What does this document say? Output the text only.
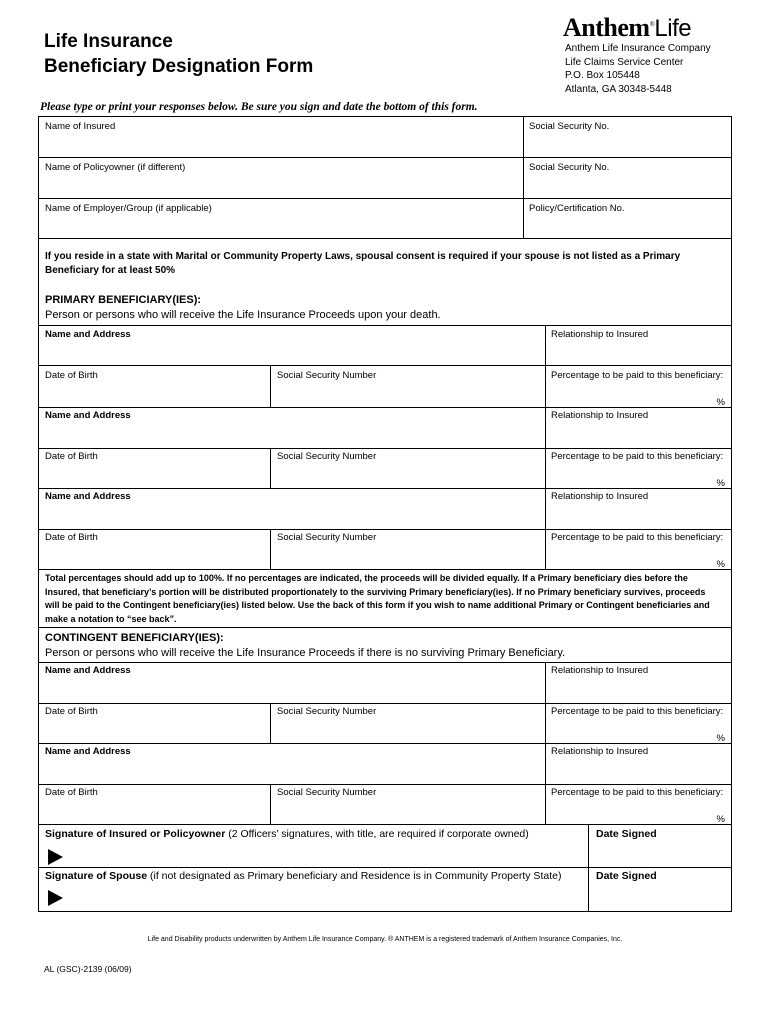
Life Insurance
Beneficiary Designation Form
Anthem®Life
Anthem Life Insurance Company
Life Claims Service Center
P.O. Box 105448
Atlanta, GA 30348-5448
Please type or print your responses below. Be sure you sign and date the bottom of this form.
Name of Insured	Social Security No.
Name of Policyowner (if different)	Social Security No.
Name of Employer/Group (if applicable)	Policy/Certification No.
If you reside in a state with Marital or Community Property Laws, spousal consent is required if your spouse is not listed as a Primary Beneficiary for at least 50%
PRIMARY BENEFICIARY(IES):
Person or persons who will receive the Life Insurance Proceeds upon your death.
Name and Address	Relationship to Insured
Date of Birth	Social Security Number	Percentage to be paid to this beneficiary:
%
Name and Address	Relationship to Insured
Date of Birth	Social Security Number	Percentage to be paid to this beneficiary:
%
Name and Address	Relationship to Insured
Date of Birth	Social Security Number	Percentage to be paid to this beneficiary:
%
Total percentages should add up to 100%. If no percentages are indicated, the proceeds will be divided equally. If a Primary beneficiary dies before the Insured, that beneficiary’s portion will be distributed proportionately to the surviving Primary beneficiary(ies). If no Primary beneficiary survives, proceeds will be paid to the Contingent beneficiary(ies) listed below. Use the back of this form if you wish to name additional Primary or Contingent beneficiaries and make a notation to “see back”.
CONTINGENT BENEFICIARY(IES):
Person or persons who will receive the Life Insurance Proceeds if there is no surviving Primary Beneficiary.
Name and Address	Relationship to Insured
Date of Birth	Social Security Number	Percentage to be paid to this beneficiary:
%
Name and Address	Relationship to Insured
Date of Birth	Social Security Number	Percentage to be paid to this beneficiary:
%
Signature of Insured or Policyowner (2 Officers’ signatures, with title, are required if corporate owned)	Date Signed
Signature of Spouse (if not designated as Primary beneficiary and Residence is in Community Property State)	Date Signed
Life and Disability products underwritten by Anthem Life Insurance Company. ® ANTHEM is a registered trademark of Anthem Insurance Companies, Inc.
AL (GSC)-2139 (06/09)
